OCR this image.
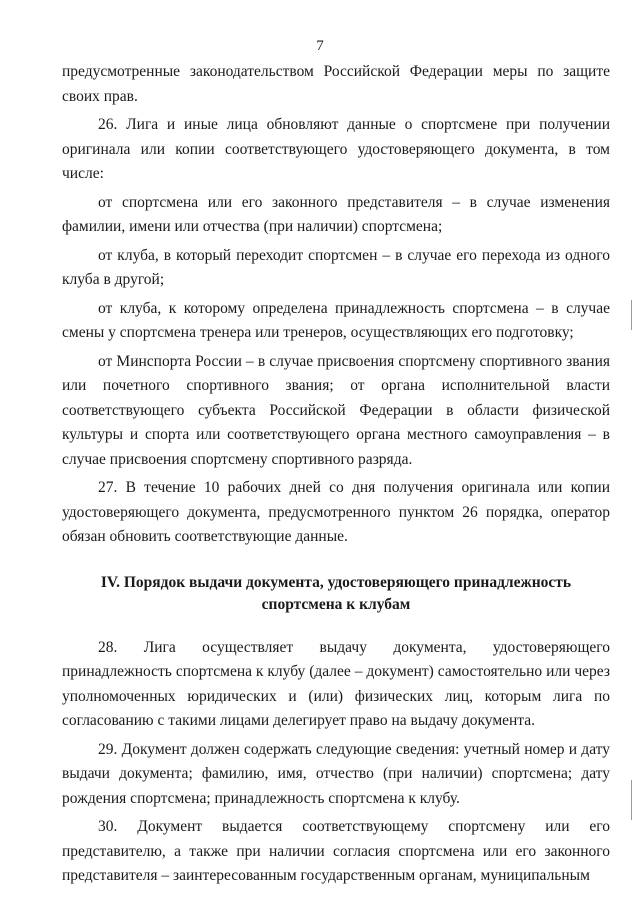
7

предусмотренные законодательством Российской Федерации меры по защите своих прав.

26. Лига и иные лица обновляют данные о спортсмене при получении оригинала или копии соответствующего удостоверяющего документа, в том числе:

от спортсмена или его законного представителя – в случае изменения фамилии, имени или отчества (при наличии) спортсмена;

от клуба, в который переходит спортсмен – в случае его перехода из одного клуба в другой;

от клуба, к которому определена принадлежность спортсмена – в случае смены у спортсмена тренера или тренеров, осуществляющих его подготовку;

от Минспорта России – в случае присвоения спортсмену спортивного звания или почетного спортивного звания; от органа исполнительной власти соответствующего субъекта Российской Федерации в области физической культуры и спорта или соответствующего органа местного самоуправления – в случае присвоения спортсмену спортивного разряда.

27. В течение 10 рабочих дней со дня получения оригинала или копии удостоверяющего документа, предусмотренного пунктом 26 порядка, оператор обязан обновить соответствующие данные.

IV. Порядок выдачи документа, удостоверяющего принадлежность спортсмена к клубам

28. Лига осуществляет выдачу документа, удостоверяющего принадлежность спортсмена к клубу (далее – документ) самостоятельно или через уполномоченных юридических и (или) физических лиц, которым лига по согласованию с такими лицами делегирует право на выдачу документа.

29. Документ должен содержать следующие сведения: учетный номер и дату выдачи документа; фамилию, имя, отчество (при наличии) спортсмена; дату рождения спортсмена; принадлежность спортсмена к клубу.

30. Документ выдается соответствующему спортсмену или его представителю, а также при наличии согласия спортсмена или его законного представителя – заинтересованным государственным органам, муниципальным
